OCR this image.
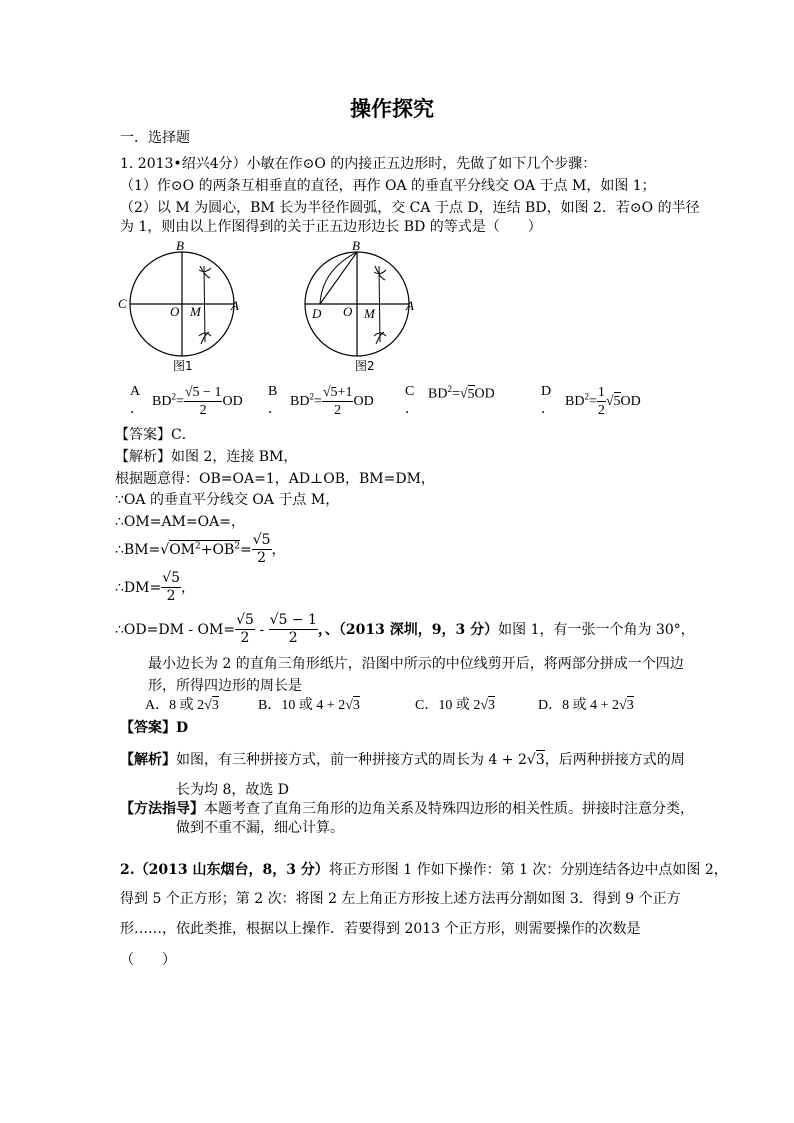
操作探究
一．选择题
1. 2013•绍兴4分）小敏在作⊙O 的内接正五边形时，先做了如下几个步骤：
（1）作⊙O 的两条互相垂直的直径，再作 OA 的垂直平分线交 OA 于点 M，如图 1；
（2）以 M 为圆心，BM 长为半径作圆弧，交 CA 于点 D，连结 BD，如图 2．若⊙O 的半径
为 1，则由以上作图得到的关于正五边形边长 BD 的等式是（　　）
B
C
O M A
图1
B
D O M
A
图2
A
．
$BD^2= \frac{√5 - 1}{2}$ OD
B
．
$BD^2= \frac{√5+1}{2}$ OD
C
．
$BD^2=√5OD$	D
．
$BD^2= \frac{1}{2} √5OD$
【答案】C．
【解析】如图 2，连接 BM，
根据题意得：OB=OA=1，AD⊥OB，BM=DM，
∵OA 的垂直平分线交 OA 于点 M，
∴OM=AM=OA=，
$\therefore BM=√OM^2+OB^2= \frac{√5}{2}$ ，
∴DM= $\frac{√5}{2}$ ，
∴OD=DM - $OM= \frac{√5}{2} - \frac{√5 - 1}{2}$ ，、（2013 深圳，9，3 分）如图 1，有一张一个角为 30°，
最小边长为 2 的直角三角形纸片，沿图中所示的中位线剪开后，将两部分拼成一个四边
形，所得四边形的周长是
A．8 或 2√3	B．10 或 4 + 2√3	C．10 或 2√3	D．8 或 4 + 2√3
【答案】D
【解析】如图，有三种拼接方式，前一种拼接方式的周长为 4 + 2√3，后两种拼接方式的周
长为均 8，故选 D
【方法指导】本题考查了直角三角形的边角关系及特殊四边形的相关性质。拼接时注意分类，
做到不重不漏，细心计算。
2.（2013 山东烟台，8，3 分）将正方形图 1 作如下操作：第 1 次：分别连结各边中点如图 2，
得到 5 个正方形；第 2 次：将图 2 左上角正方形按上述方法再分割如图 3．得到 9 个正方
形……，依此类推，根据以上操作．若要得到 2013 个正方形，则需要操作的次数是
（　　）
